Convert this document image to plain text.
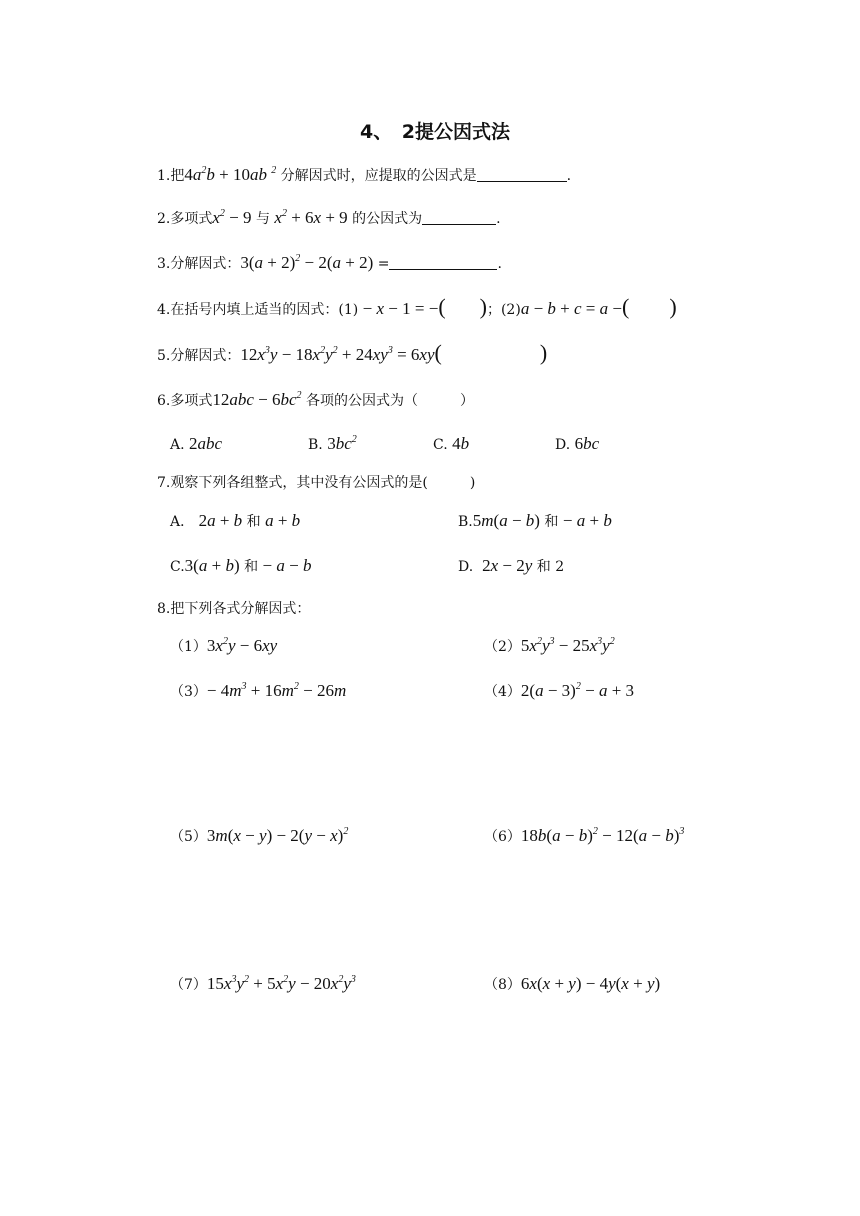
4、　2提公因式法
1.把$4a^2b + 10ab$ $^2$ 分解因式时，应提取的公因式是	.
2.多项式$x^2 - 9$ 与 $x^2 + 6x + 9$ 的公因式为	.
3.分解因式：$3(a + 2)^2 - 2(a + 2)$ =	.
4.在括号内填上适当的因式：(1) − x − 1 = −( )；(2)a − b + c = a −( )
5.分解因式：$12x^3y - 18x^2y^2 + 24xy^3 = 6xy$(	)
6.多项式$12abc - 6bc^2$ 各项的公因式为（　　　）
A. 2abc	B. $3bc^2$	C. 4b	D. 6bc
7.观察下列各组整式，其中没有公因式的是(　　　)
A． 2a + b 和 a + b	B.5m(a − b) 和 − a + b
C.3(a + b) 和 − a − b	D. 2x − 2y 和 2
8.把下列各式分解因式：
$(1)3x^2y - 6xy$	$(2)5x^2y^3 - 25x^3y^2$
$(3)- 4m^3 + 16m^2 - 26m$	$(4)2(a - 3)^2 - a + 3$
$(5)3m(x - y) - 2(y - x)^2$	$(6)18b(a - b)^2 - 12(a - b)^3$
$(7)15x^3y^2 + 5x^2y - 20x^2y^3$	（8）6x(x + y) − 4y(x + y)
